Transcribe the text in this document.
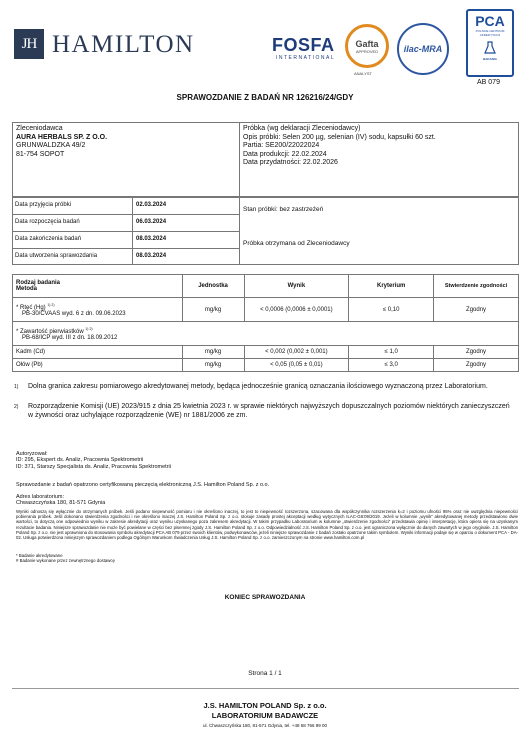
JH HAMILTON	FOSFA
INTERNATIONAL
Gafta
APPROVED
ANALYST
ilac-MRA
PCA
POLSKIE CENTRUM AKREDYTACJI
BADANIA
AB 079
SPRAWOZDANIE Z BADAŃ NR 126216/24/GDY
Zleceniodawca
AURA HERBALS SP. Z O.O.
GRUNWALDZKA 49/2
81-754 SOPOT
Próbka (wg deklaracji Zleceniodawcy)
Opis próbki: Selen 200 µg, selenian (IV) sodu, kapsułki 60 szt.
Partia: SE200/22022024
Data produkcji: 22.02.2024
Data przydatności: 22.02.2026
Data przyjęcia próbki	02.03.2024
Data rozpoczęcia badań	06.03.2024
Data zakończenia badań	08.03.2024
Data utworzenia sprawozdania	08.03.2024
Stan próbki: bez zastrzeżeń
Próbka otrzymana od Zleceniodawcy
Rodzaj badania
Metoda	Jednostka	Wynik	Kryterium	Stwierdzenie zgodności

* Rtęć (Hg) $^{1) 2)}$
PB-30/CVAAS wyd. 6 z dn. 09.06.2023	mg/kg	< 0,0006 (0,0006 ± 0,0001)	≤ 0,10	Zgodny

* Zawartość pierwiastków $^{1) 2)}$
PB-68/ICP wyd. III z dn. 18.09.2012				

Kadm (Cd)	mg/kg	< 0,002 (0,002 ± 0,001)	≤ 1,0	Zgodny
Ołów (Pb)	mg/kg	< 0,05 (0,05 ± 0,01)	≤ 3,0	Zgodny
1)	Dolna granica zakresu pomiarowego akredytowanej metody, będąca jednocześnie granicą oznaczania ilościowego wyznaczoną przez Laboratorium.
2)	Rozporządzenie Komisji (UE) 2023/915 z dnia 25 kwietnia 2023 r. w sprawie niektórych najwyższych dopuszczalnych poziomów niektórych zanieczyszczeń w żywności oraz uchylające rozporządzenie (WE) nr 1881/2006 ze zm.
Autoryzował:
ID: 295, Ekspert ds. Analiz, Pracownia Spektrometrii
ID: 371, Starszy Specjalista ds. Analiz, Pracownia Spektrometrii
Sprawozdanie z badań opatrzono certyfikowaną pieczęcią elektroniczną J.S. Hamilton Poland Sp. z o.o.
Adres laboratorium:
Chwaszczyńska 180, 81-571 Gdynia
Wyniki odnoszą się wyłącznie do otrzymanych próbek. Jeśli podano niepewność pomiaru i nie określono inaczej, to jest to niepewność rozszerzona, szacowana dla współczynnika rozszerzenia k=2 i poziomu ufności 95% oraz nie uwzględnia niepewności pobierania próbek. Jeśli dokonano stwierdzenia zgodności i nie określono inaczej J.S. Hamilton Poland Sp. z o.o. stosuje zasadę prostej akceptacji według wytycznych ILAC-G8:09/2019. Jeżeli w kolumnie „wynik" akredytowanej metody przedstawiono dwie wartości, to dotyczą one odpowiednio wyniku w zakresie akredytacji oraz wyniku uzyskanego poza zakresem akredytacji. W takim przypadku Laboratorium w kolumnie „stwierdzenie zgodności" przedstawia opinię i interpretację, która opiera się na uzyskanym rezultacie badania. Niniejsze sprawozdanie nie może być powielane w części bez pisemnej zgody J.S. Hamilton Poland Sp. z o.o. Odpowiedzialność J.S. Hamilton Poland Sp. z o.o. jest ograniczona wyłącznie do danych zawartych w jego oryginale. J.S. Hamilton Poland Sp. z o.o. nie jest uprawniona do stosowania symbolu akredytacji PCA AB 079 przez swoich klientów, podwykonawców, jeżeli niniejsze sprawozdanie z badań zostało opatrzone takim symbolem. Wyniki informacji podaje się w oparciu o dokument PCA - DA-02. Usługa potwierdzona niniejszym sprawozdaniem podlega Ogólnym Warunkom Świadczenia Usług J.S. Hamilton Poland Sp. z o.o. zamieszczonym na stronie www.hamilton.com.pl
* Badanie akredytowane
# Badanie wykonane przez zewnętrznego dostawcę
KONIEC SPRAWOZDANIA
Strona 1 / 1
J.S. HAMILTON POLAND Sp. z o.o.
LABORATORIUM BADAWCZE
ul. Chwaszczyńska 180, 81-571 Gdynia, tel. +48 58 766 99 00
